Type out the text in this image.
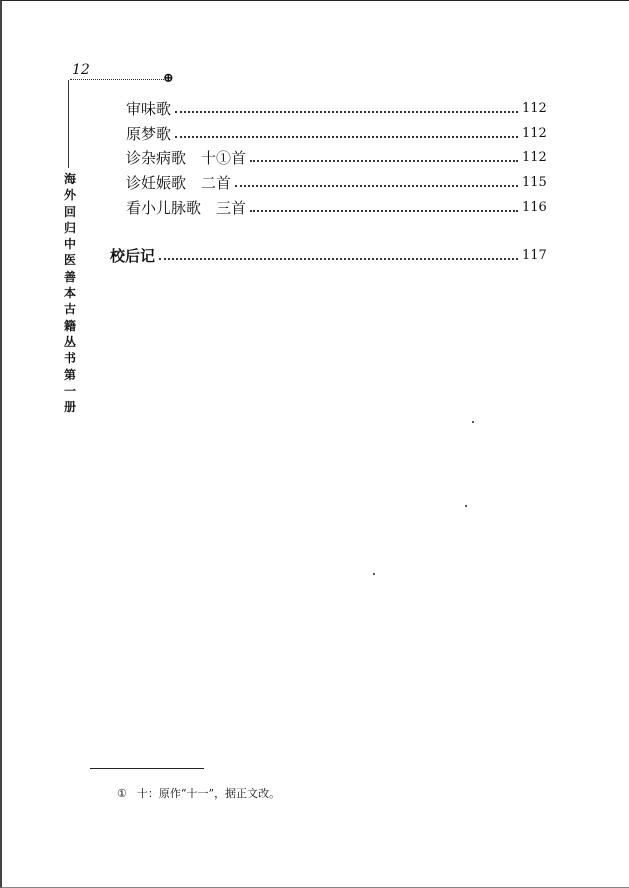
12
⊕
海外回归中医善本古籍丛书第一册
审味歌	112
原梦歌	112
诊杂病歌　十①首	112
诊妊娠歌　二首	115
看小儿脉歌　三首	116
校后记	117
① 十：原作“十一”，据正文改。
